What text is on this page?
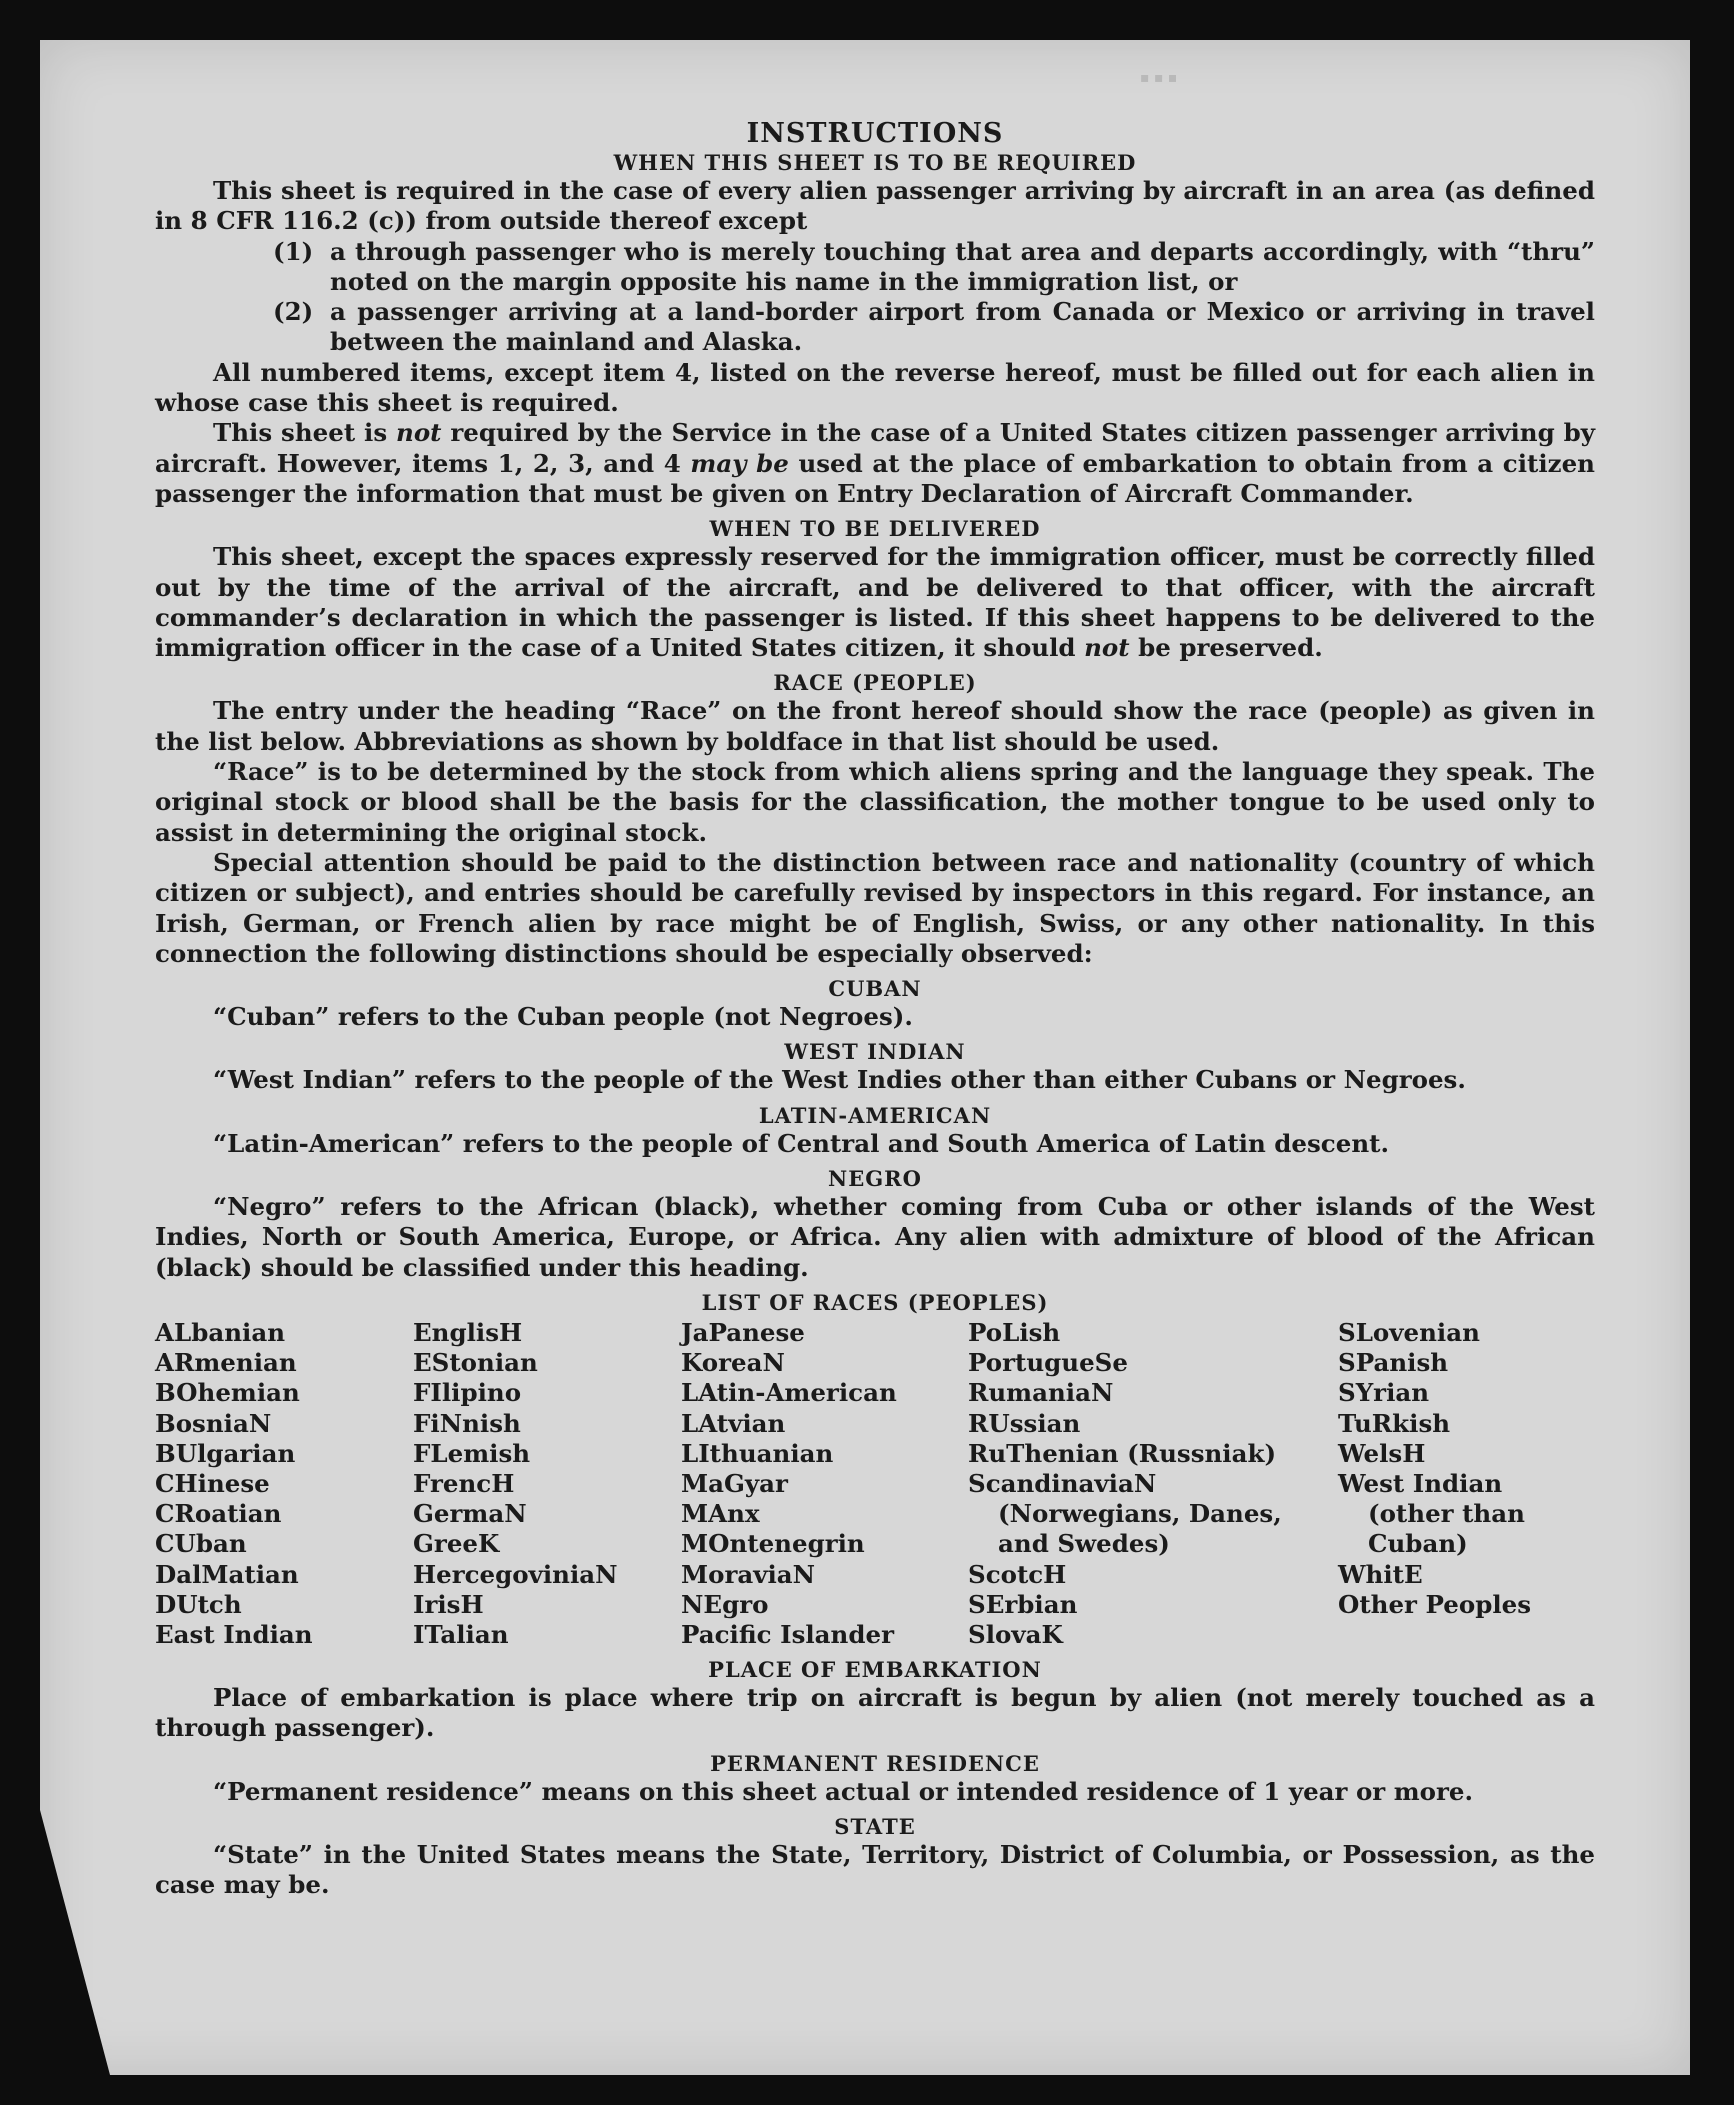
▪ ▪ ▪
INSTRUCTIONS
WHEN THIS SHEET IS TO BE REQUIRED

This sheet is required in the case of every alien passenger arriving by aircraft in an area (as defined in 8 CFR 116.2 (c)) from outside thereof except

(1) a through passenger who is merely touching that area and departs accordingly, with “thru” noted on the margin opposite his name in the immigration list, or
(2) a passenger arriving at a land-border airport from Canada or Mexico or arriving in travel between the mainland and Alaska.

All numbered items, except item 4, listed on the reverse hereof, must be filled out for each alien in whose case this sheet is required.

This sheet is not required by the Service in the case of a United States citizen passenger arriving by aircraft. However, items 1, 2, 3, and 4 may be used at the place of embarkation to obtain from a citizen passenger the information that must be given on Entry Declaration of Aircraft Commander.

WHEN TO BE DELIVERED

This sheet, except the spaces expressly reserved for the immigration officer, must be correctly filled out by the time of the arrival of the aircraft, and be delivered to that officer, with the aircraft commander’s declaration in which the passenger is listed. If this sheet happens to be delivered to the immigration officer in the case of a United States citizen, it should not be preserved.

RACE (PEOPLE)

The entry under the heading “Race” on the front hereof should show the race (people) as given in the list below. Abbreviations as shown by boldface in that list should be used.

“Race” is to be determined by the stock from which aliens spring and the language they speak. The original stock or blood shall be the basis for the classification, the mother tongue to be used only to assist in determining the original stock.

Special attention should be paid to the distinction between race and nationality (country of which citizen or subject), and entries should be carefully revised by inspectors in this regard. For instance, an Irish, German, or French alien by race might be of English, Swiss, or any other nationality. In this connection the following distinctions should be especially observed:

CUBAN

“Cuban” refers to the Cuban people (not Negroes).

WEST INDIAN

“West Indian” refers to the people of the West Indies other than either Cubans or Negroes.

LATIN-AMERICAN

“Latin-American” refers to the people of Central and South America of Latin descent.

NEGRO

“Negro” refers to the African (black), whether coming from Cuba or other islands of the West Indies, North or South America, Europe, or Africa. Any alien with admixture of blood of the African (black) should be classified under this heading.

LIST OF RACES (PEOPLES)
ALbanian
ARmenian
BOhemian
BosniaN
BUlgarian
CHinese
CRoatian
CUban
DalMatian
DUtch
East Indian
EnglisH
EStonian
FIlipino
FiNnish
FLemish
FrencH
GermaN
GreeK
HercegoviniaN
IrisH
ITalian
JaPanese
KoreaN
LAtin-American
LAtvian
LIthuanian
MaGyar
MAnx
MOntenegrin
MoraviaN
NEgro
Pacific Islander
PoLish
PortugueSe
RumaniaN
RUssian
RuThenian (Russniak)
ScandinaviaN (Norwegians, Danes, and Swedes)
ScotcH
SErbian
SlovaK
SLovenian
SPanish
SYrian
TuRkish
WelsH
West Indian (other than Cuban)
WhitE
Other Peoples
PLACE OF EMBARKATION

Place of embarkation is place where trip on aircraft is begun by alien (not merely touched as a through passenger).

PERMANENT RESIDENCE

“Permanent residence” means on this sheet actual or intended residence of 1 year or more.

STATE

“State” in the United States means the State, Territory, District of Columbia, or Possession, as the case may be.
